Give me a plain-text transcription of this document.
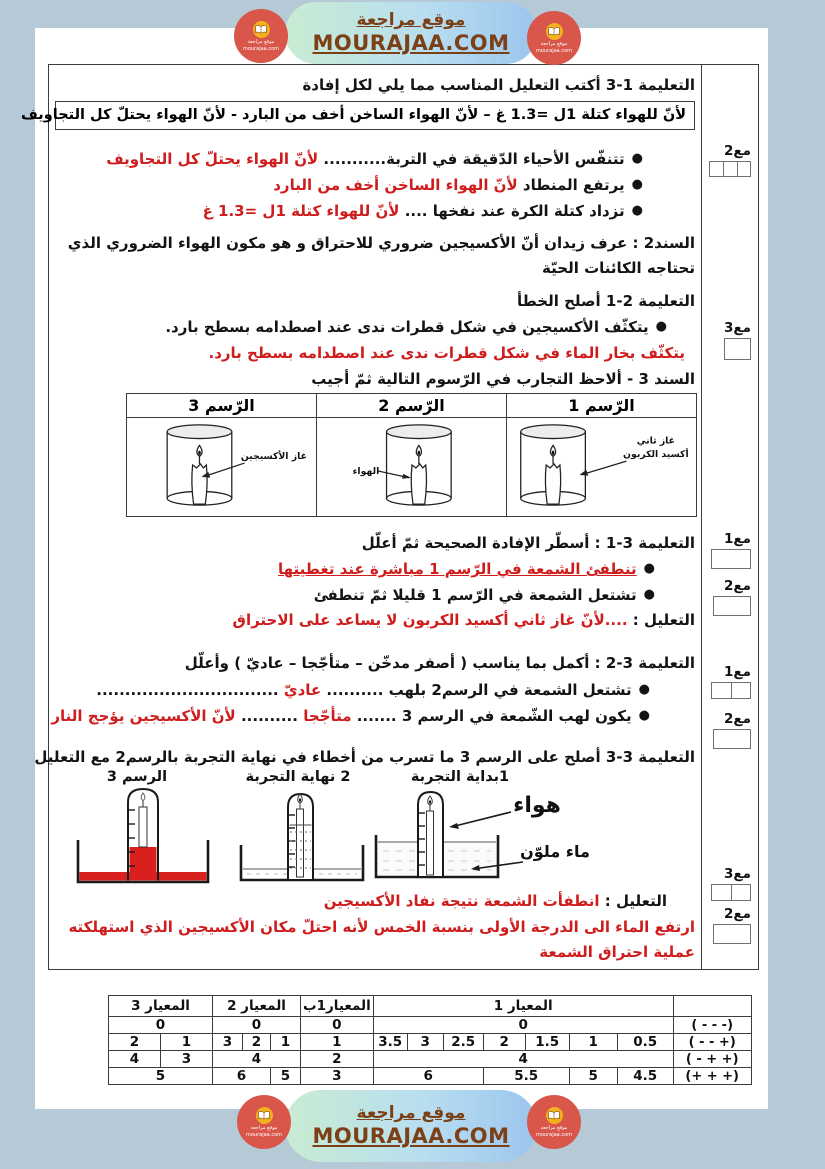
موقع مراجعة
MOURAJAA.COM
موقع مراجعة
mourajaa.com
موقع مراجعة
mourajaa.com
التعليمة 1-3 أكتب التعليل المناسب مما يلي لكل إفادة
لأنّ للهواء كتلة 1ل =1.3 غ – لأنّ الهواء الساخن أخف من البارد - لأنّ الهواء يحتلّ كل التجاويف
●تتنفّس الأحياء الدّقيقة في التربة........... لأنّ الهواء يحتلّ كل التجاويف
●يرتفع المنطاد لأنّ الهواء الساخن أخف من البارد
●تزداد كتلة الكرة عند نفخها .... لأنّ للهواء كتلة 1ل =1.3 غ
السند2 : عرف زيدان أنّ الأكسيجين ضروري للاحتراق و هو مكون الهواء الضروري الذي تحتاجه الكائنات الحيّة
التعليمة 2-1 أصلح الخطأ
●يتكثّف الأكسيجين في شكل قطرات ندى عند اصطدامه بسطح بارد.
يتكثّف بخار الماء في شكل قطرات ندى عند اصطدامه بسطح بارد.
السند 3 - ألاحظ التجارب في الرّسوم التالية ثمّ أجيب
الرّسم 1	الرّسم 2	الرّسم 3

غاز ثاني
أكسيد الكربون	الهواء	غاز الأكسيجين
التعليمة 3-1 : أسطّر الإفادة الصحيحة ثمّ أعلّل
●تنطفئ الشمعة في الرّسم 1 مباشرة عند تغطيتها
●تشتعل الشمعة في الرّسم 1 قليلا ثمّ تنطفئ
التعليل : ....لأنّ غاز ثاني أكسيد الكربون لا يساعد على الاحتراق
التعليمة 3-2 : أكمل بما يناسب ( أصفر مدخّن – متأجّجا – عاديّ ) وأعلّل
●تشتعل الشمعة في الرسم2 بلهب .......... عاديّ ................................
●يكون لهب الشّمعة في الرسم 3 ....... متأجّجا .......... لأنّ الأكسيجين يؤجج النار
التعليمة 3-3 أصلح على الرسم 3 ما تسرب من أخطاء في نهاية التجربة بالرسم2 مع التعليل
1بداية التجربة
2 نهاية التجربة
الرسم 3
هواء
ماء ملوّن
التعليل : انطفأت الشمعة نتيجة نفاد الأكسيجين
ارتفع الماء الى الدرجة الأولى بنسبة الخمس لأنه احتلّ مكان الأكسيجين الذي استهلكته عملية احتراق الشمعة
مع2
مع3
مع1
مع2
مع1
مع2
مع3
مع2
	المعيار 1							المعيار1ب	المعيار 2			المعيار 3	
( - - -)	0							0	0			0	
( - - +)	0.5	1	1.5	2	2.5	3	3.5	1	1	2	3	1	2
( - + +)	4							2	4			3	4
(+ + +)	4.5	5	5.5		6			3	5	6		5	
موقع مراجعة
MOURAJAA.COM
موقع مراجعة
mourajaa.com
موقع مراجعة
mourajaa.com
